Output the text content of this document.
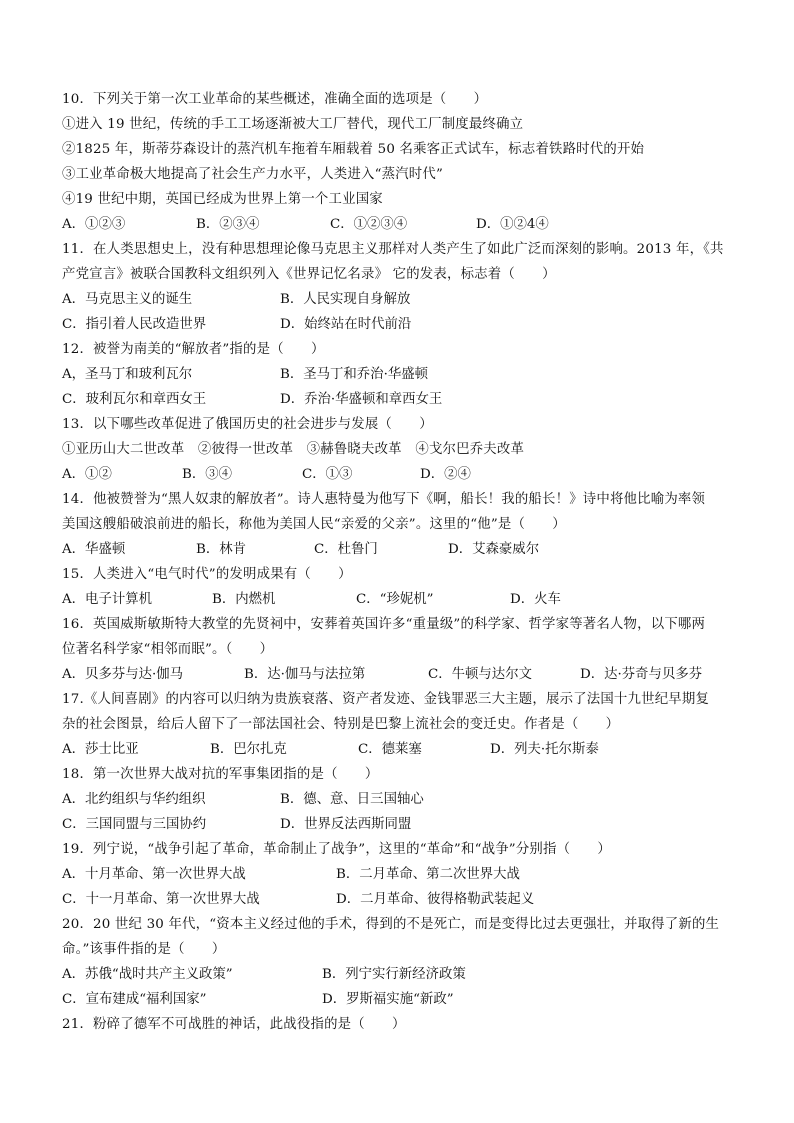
10．下列关于第一次工业革命的某些概述，准确全面的选项是（　　）
①进入 19 世纪，传统的手工工场逐渐被大工厂替代，现代工厂制度最终确立
②1825 年，斯蒂芬森设计的蒸汽机车拖着车厢载着 50 名乘客正式试车，标志着铁路时代的开始
③工业革命极大地提高了社会生产力水平，人类进入“蒸汽时代”
④19 世纪中期，英国已经成为世界上第一个工业国家
A．①②③	B．②③④	C．①②③④	D．①②4④
11．在人类思想史上，没有种思想理论像马克思主义那样对人类产生了如此广泛而深刻的影响。2013 年，《共
产党宣言》被联合国教科文组织列入《世界记忆名录》 它的发表，标志着（　　）
A．马克思主义的诞生	B．人民实现自身解放
C．指引着人民改造世界	D．始终站在时代前沿
12．被誉为南美的“解放者”指的是（　　）
A，圣马丁和玻利瓦尔	B．圣马丁和乔治·华盛顿
C．玻利瓦尔和章西女王	D．乔治·华盛顿和章西女王
13．以下哪些改革促进了俄国历史的社会进步与发展（　　）
①亚历山大二世改革　②彼得一世改革　③赫鲁晓夫改革　④戈尔巴乔夫改革
A．①②	B．③④	C．①③	D．②④
14．他被赞誉为“黑人奴隶的解放者”。诗人惠特曼为他写下《啊，船长！我的船长！》诗中将他比喻为率领
美国这艘船破浪前进的船长，称他为美国人民“亲爱的父亲”。这里的“他”是（　　）
A．华盛顿	B．林肯	C．杜鲁门	D．艾森豪威尔
15．人类进入“电气时代”的发明成果有（　　）
A．电子计算机	B．内燃机	C．“珍妮机”	D．火车
16．英国威斯敏斯特大教堂的先贤祠中，安葬着英国许多“重量级”的科学家、哲学家等著名人物，以下哪两
位著名科学家“相邻而眠”。（　　）
A．贝多芬与达·伽马	B．达·伽马与法拉第	C．牛顿与达尔文	D．达·芬奇与贝多芬
17.《人间喜剧》的内容可以归纳为贵族衰落、资产者发迹、金钱罪恶三大主题，展示了法国十九世纪早期复
杂的社会图景，给后人留下了一部法国社会、特别是巴黎上流社会的变迁史。作者是（　　）
A．莎士比亚	B．巴尔扎克	C．德莱塞	D．列夫·托尔斯泰
18．第一次世界大战对抗的军事集团指的是（　　）
A．北约组织与华约组织	B．德、意、日三国轴心
C．三国同盟与三国协约	D．世界反法西斯同盟
19．列宁说，“战争引起了革命，革命制止了战争”，这里的“革命”和“战争”分别指（　　）
A．十月革命、第一次世界大战	B．二月革命、第二次世界大战
C．十一月革命、第一次世界大战	D．二月革命、彼得格勒武装起义
20．20 世纪 30 年代，“资本主义经过他的手术，得到的不是死亡，而是变得比过去更强壮，并取得了新的生
命。”该事件指的是（　　）
A．苏俄“战时共产主义政策”	B．列宁实行新经济政策
C．宣布建成“福利国家”	D．罗斯福实施“新政”
21．粉碎了德军不可战胜的神话，此战役指的是（　　）
